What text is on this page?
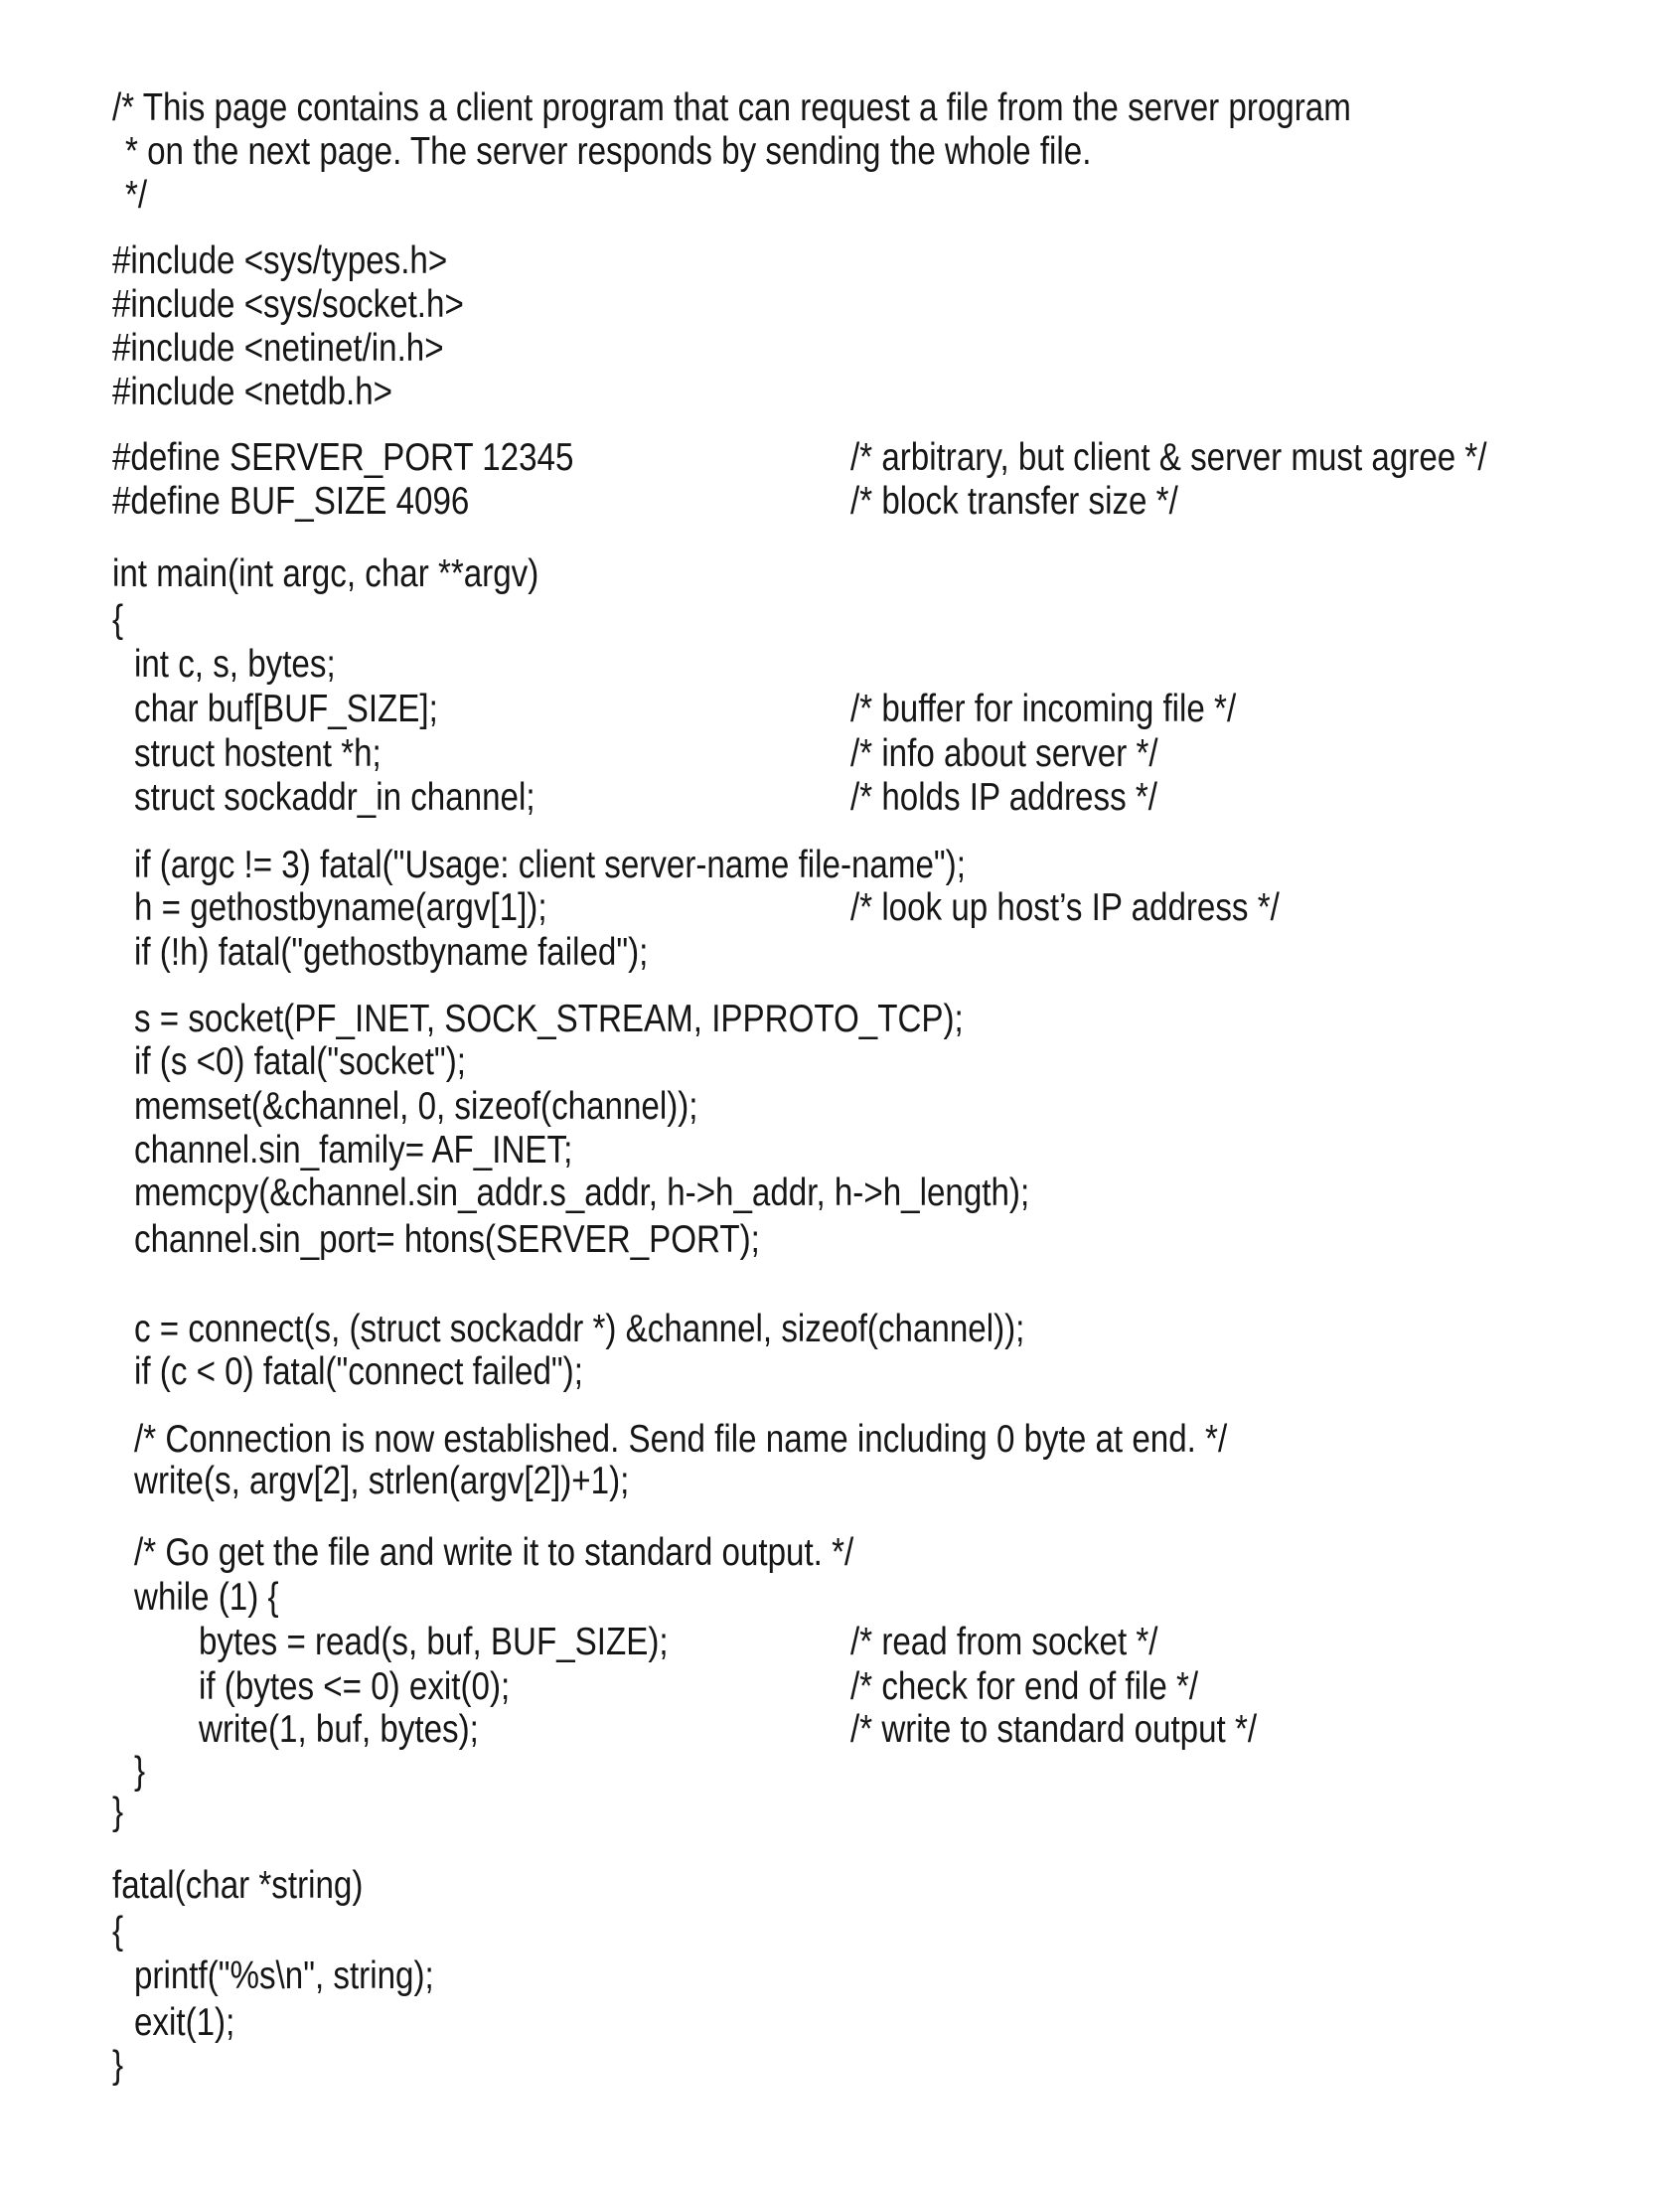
/* This page contains a client program that can request a file from the server program
* on the next page. The server responds by sending the whole file.
*/
#include <sys/types.h>
#include <sys/socket.h>
#include <netinet/in.h>
#include <netdb.h>
#define SERVER_PORT 12345	/* arbitrary, but client & server must agree */
#define BUF_SIZE 4096	/* block transfer size */
int main(int argc, char **argv)
{
int c, s, bytes;
char buf[BUF_SIZE];	/* buffer for incoming file */
struct hostent *h;	/* info about server */
struct sockaddr_in channel;	/* holds IP address */
if (argc != 3) fatal("Usage: client server-name file-name");
h = gethostbyname(argv[1]);	/* look up host’s IP address */
if (!h) fatal("gethostbyname failed");
s = socket(PF_INET, SOCK_STREAM, IPPROTO_TCP);
if (s <0) fatal("socket");
memset(&channel, 0, sizeof(channel));
channel.sin_family= AF_INET;
memcpy(&channel.sin_addr.s_addr, h->h_addr, h->h_length);
channel.sin_port= htons(SERVER_PORT);
c = connect(s, (struct sockaddr *) &channel, sizeof(channel));
if (c < 0) fatal("connect failed");
/* Connection is now established. Send file name including 0 byte at end. */
write(s, argv[2], strlen(argv[2])+1);
/* Go get the file and write it to standard output. */
while (1) {
bytes = read(s, buf, BUF_SIZE);	/* read from socket */
if (bytes <= 0) exit(0);	/* check for end of file */
write(1, buf, bytes);	/* write to standard output */
}
}
fatal(char *string)
{
printf("%s\n", string);
exit(1);
}
